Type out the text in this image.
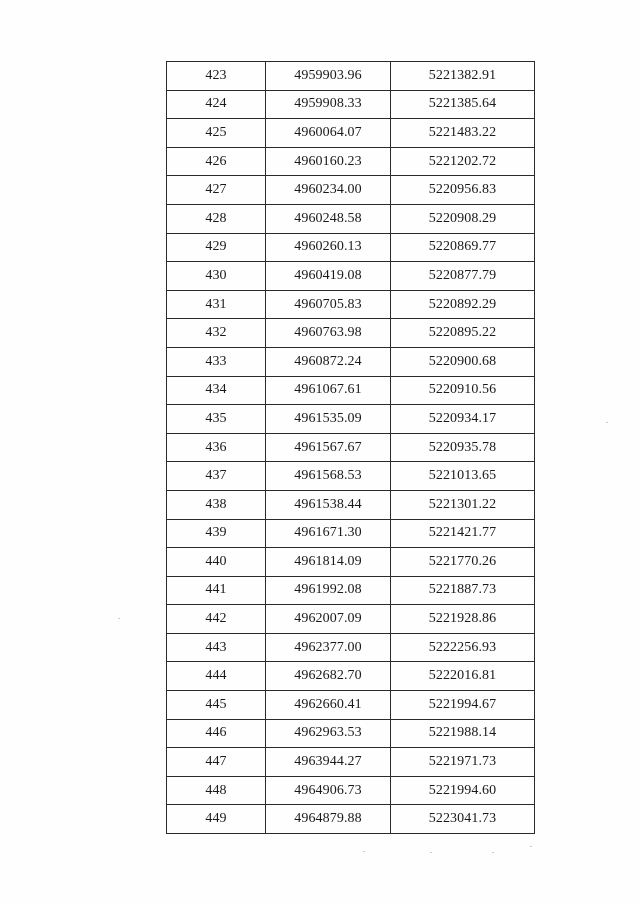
423	4959903.96	5221382.91
424	4959908.33	5221385.64
425	4960064.07	5221483.22
426	4960160.23	5221202.72
427	4960234.00	5220956.83
428	4960248.58	5220908.29
429	4960260.13	5220869.77
430	4960419.08	5220877.79
431	4960705.83	5220892.29
432	4960763.98	5220895.22
433	4960872.24	5220900.68
434	4961067.61	5220910.56
435	4961535.09	5220934.17
436	4961567.67	5220935.78
437	4961568.53	5221013.65
438	4961538.44	5221301.22
439	4961671.30	5221421.77
440	4961814.09	5221770.26
441	4961992.08	5221887.73
442	4962007.09	5221928.86
443	4962377.00	5222256.93
444	4962682.70	5222016.81
445	4962660.41	5221994.67
446	4962963.53	5221988.14
447	4963944.27	5221971.73
448	4964906.73	5221994.60
449	4964879.88	5223041.73
